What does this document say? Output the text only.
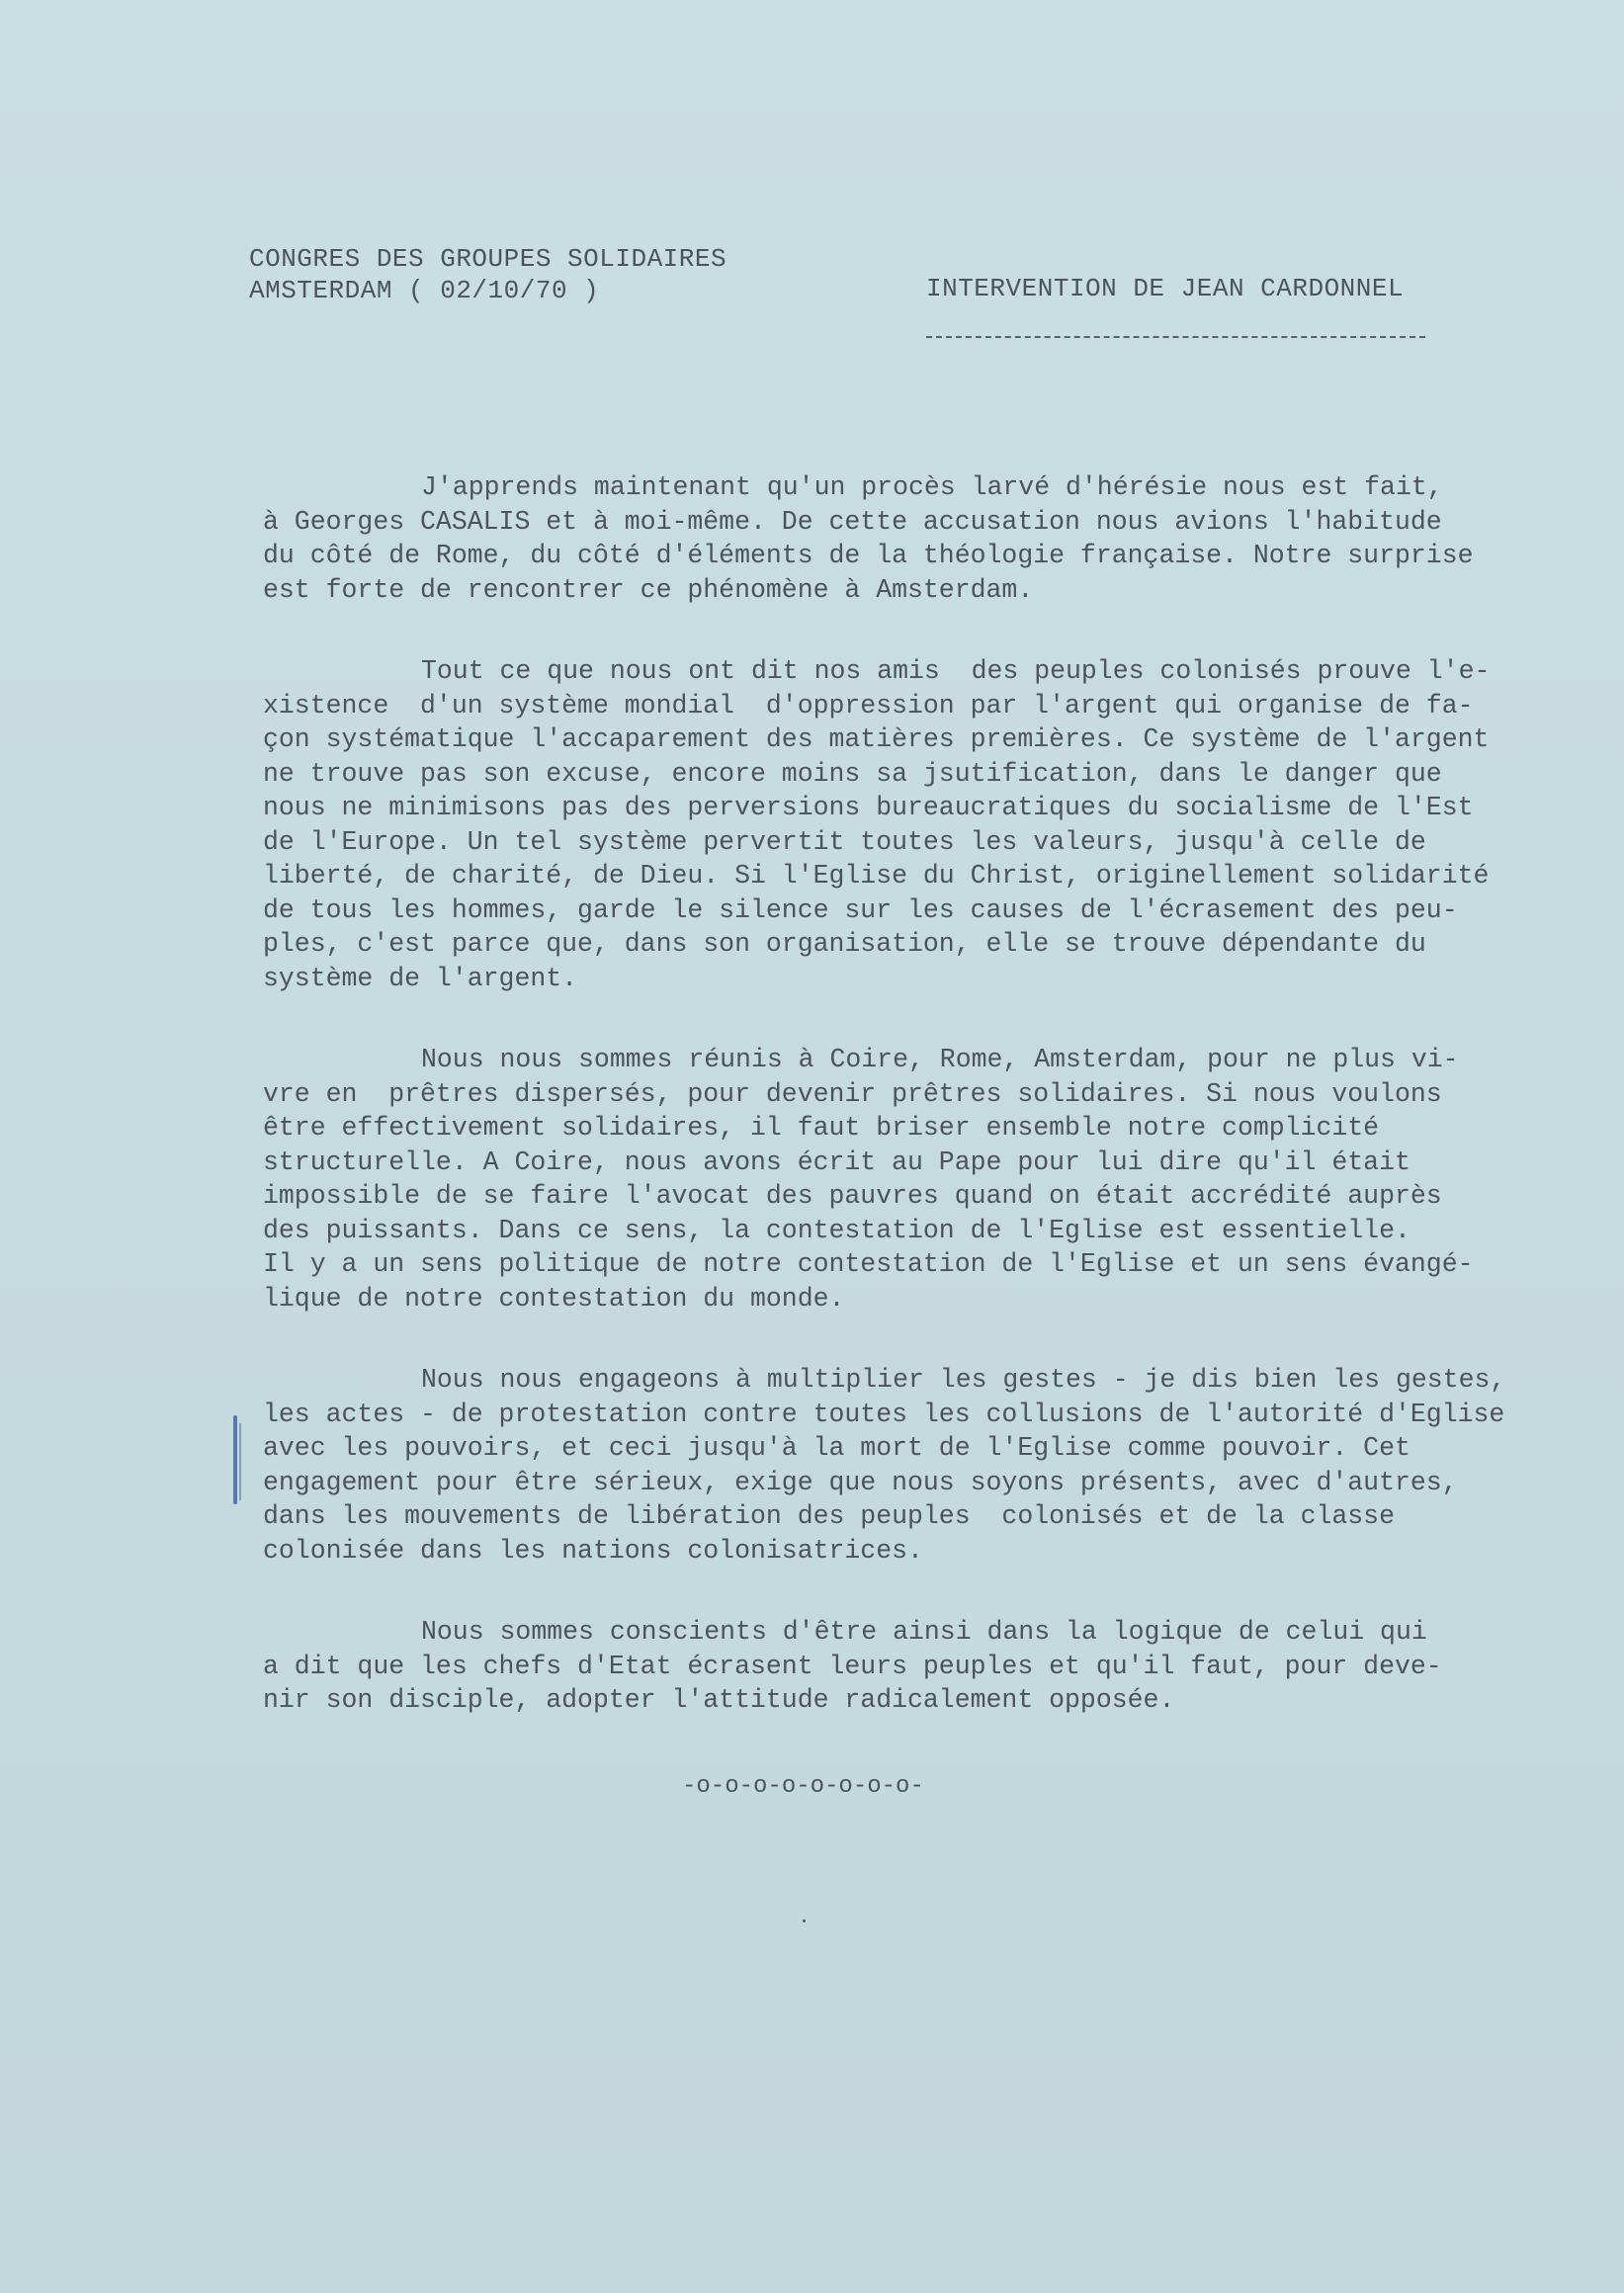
CONGRES DES GROUPES SOLIDAIRES
AMSTERDAM ( 02/10/70 )	INTERVENTION DE JEAN CARDONNEL
J'apprends maintenant qu'un procès larvé d'hérésie nous est fait,
à Georges CASALIS et à moi-même. De cette accusation nous avions l'habitude
du côté de Rome, du côté d'éléments de la théologie française. Notre surprise
est forte de rencontrer ce phénomène à Amsterdam.
Tout ce que nous ont dit nos amis  des peuples colonisés prouve l'e-
xistence  d'un système mondial  d'oppression par l'argent qui organise de fa-
çon systématique l'accaparement des matières premières. Ce système de l'argent
ne trouve pas son excuse, encore moins sa jsutification, dans le danger que
nous ne minimisons pas des perversions bureaucratiques du socialisme de l'Est
de l'Europe. Un tel système pervertit toutes les valeurs, jusqu'à celle de
liberté, de charité, de Dieu. Si l'Eglise du Christ, originellement solidarité
de tous les hommes, garde le silence sur les causes de l'écrasement des peu-
ples, c'est parce que, dans son organisation, elle se trouve dépendante du
système de l'argent.
Nous nous sommes réunis à Coire, Rome, Amsterdam, pour ne plus vi-
vre en  prêtres dispersés, pour devenir prêtres solidaires. Si nous voulons
être effectivement solidaires, il faut briser ensemble notre complicité
structurelle. A Coire, nous avons écrit au Pape pour lui dire qu'il était
impossible de se faire l'avocat des pauvres quand on était accrédité auprès
des puissants. Dans ce sens, la contestation de l'Eglise est essentielle.
Il y a un sens politique de notre contestation de l'Eglise et un sens évangé-
lique de notre contestation du monde.
Nous nous engageons à multiplier les gestes - je dis bien les gestes,
les actes - de protestation contre toutes les collusions de l'autorité d'Eglise
avec les pouvoirs, et ceci jusqu'à la mort de l'Eglise comme pouvoir. Cet
engagement pour être sérieux, exige que nous soyons présents, avec d'autres,
dans les mouvements de libération des peuples  colonisés et de la classe
colonisée dans les nations colonisatrices.
Nous sommes conscients d'être ainsi dans la logique de celui qui
a dit que les chefs d'Etat écrasent leurs peuples et qu'il faut, pour deve-
nir son disciple, adopter l'attitude radicalement opposée.
-o-o-o-o-o-o-o-o-
